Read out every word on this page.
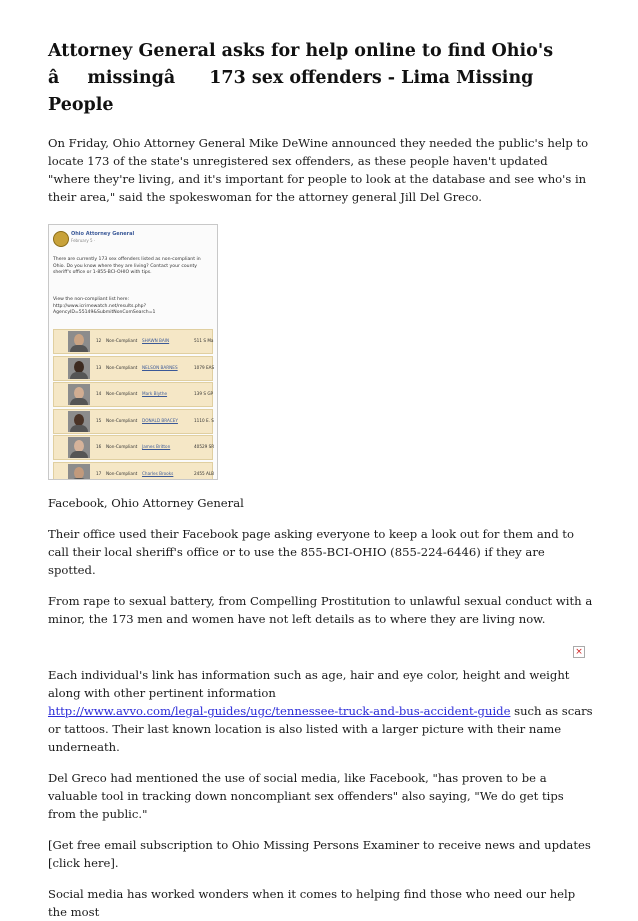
Attorney General asks for help online to find Ohio's
âmissingâ 173 sex offenders - Lima Missing People

On Friday, Ohio Attorney General Mike DeWine announced they needed the public's help to locate 173 of the state's unregistered sex offenders, as these people haven't updated "where they're living, and it's important for people to look at the database and see who's in their area," said the spokeswoman for the attorney general Jill Del Greco.

Ohio Attorney General
February 5 ·
There are currently 173 sex offenders listed as non-compliant in Ohio. Do you know where they are living? Contact your county sheriff's office or 1-855-BCI-OHIO with tips.
View the non-compliant list here: http://www.icrimewatch.net/results.php?AgencyID=55149&SubmitNonComSearch=1
12 Non-Compliant SHAWN BAIN	511 S Ma
13 Non-Compliant NELSON BARNES	1079 EAS
14 Non-Compliant Mark Blythe	139 S GP
15 Non-Compliant DONALD BRACEY	1110 E. S
16 Non-Compliant James Britton	40529 SR
17 Non-Compliant Charles Brooks	2455 ALB

Facebook, Ohio Attorney General

Their office used their Facebook page asking everyone to keep a look out for them and to call their local sheriff's office or to use the 855-BCI-OHIO (855-224-6446) if they are spotted.

From rape to sexual battery, from Compelling Prostitution to unlawful sexual conduct with a minor, the 173 men and women have not left details as to where they are living now.

×

Each individual's link has information such as age, hair and eye color, height and weight along with other pertinent information
http://www.avvo.com/legal-guides/ugc/tennessee-truck-and-bus-accident-guide such as scars or tattoos. Their last known location is also listed with a larger picture with their name underneath.

Del Greco had mentioned the use of social media, like Facebook, "has proven to be a valuable tool in tracking down noncompliant sex offenders" also saying, "We do get tips from the public."

[Get free email subscription to Ohio Missing Persons Examiner to receive news and updates [click here].

Social media has worked wonders when it comes to helping find those who need our help the most
